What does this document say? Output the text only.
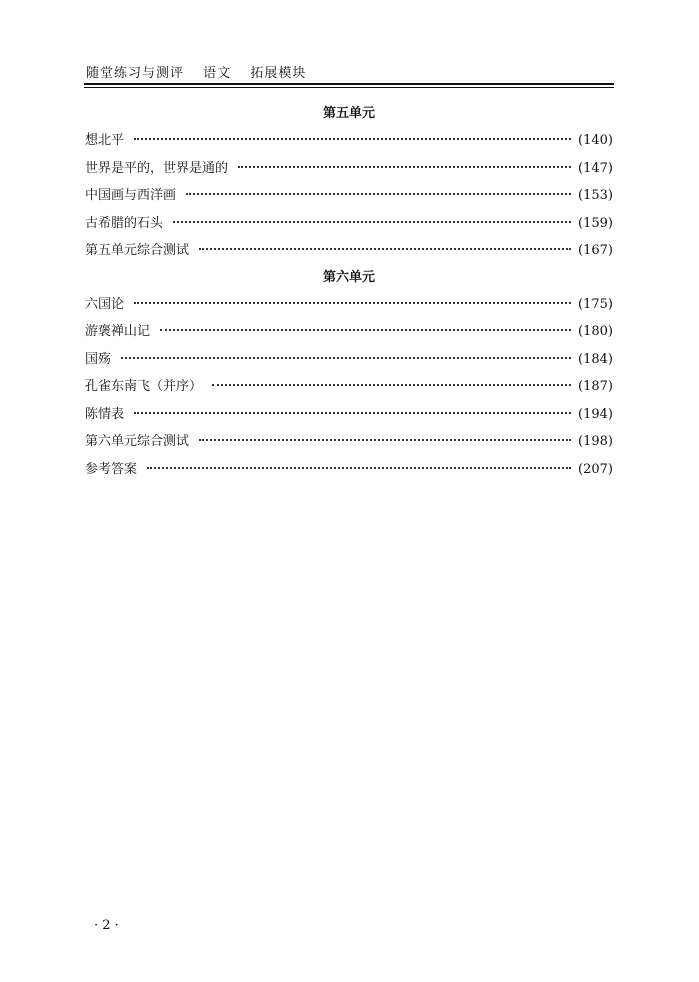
随堂练习与测评 语文 拓展模块
第五单元
想北平	(140)
世界是平的，世界是通的	(147)
中国画与西洋画	(153)
古希腊的石头	(159)
第五单元综合测试	(167)
第六单元
六国论	(175)
游褒禅山记	(180)
国殇	(184)
孔雀东南飞（并序）	(187)
陈情表	(194)
第六单元综合测试	(198)
参考答案	(207)
· 2 ·
